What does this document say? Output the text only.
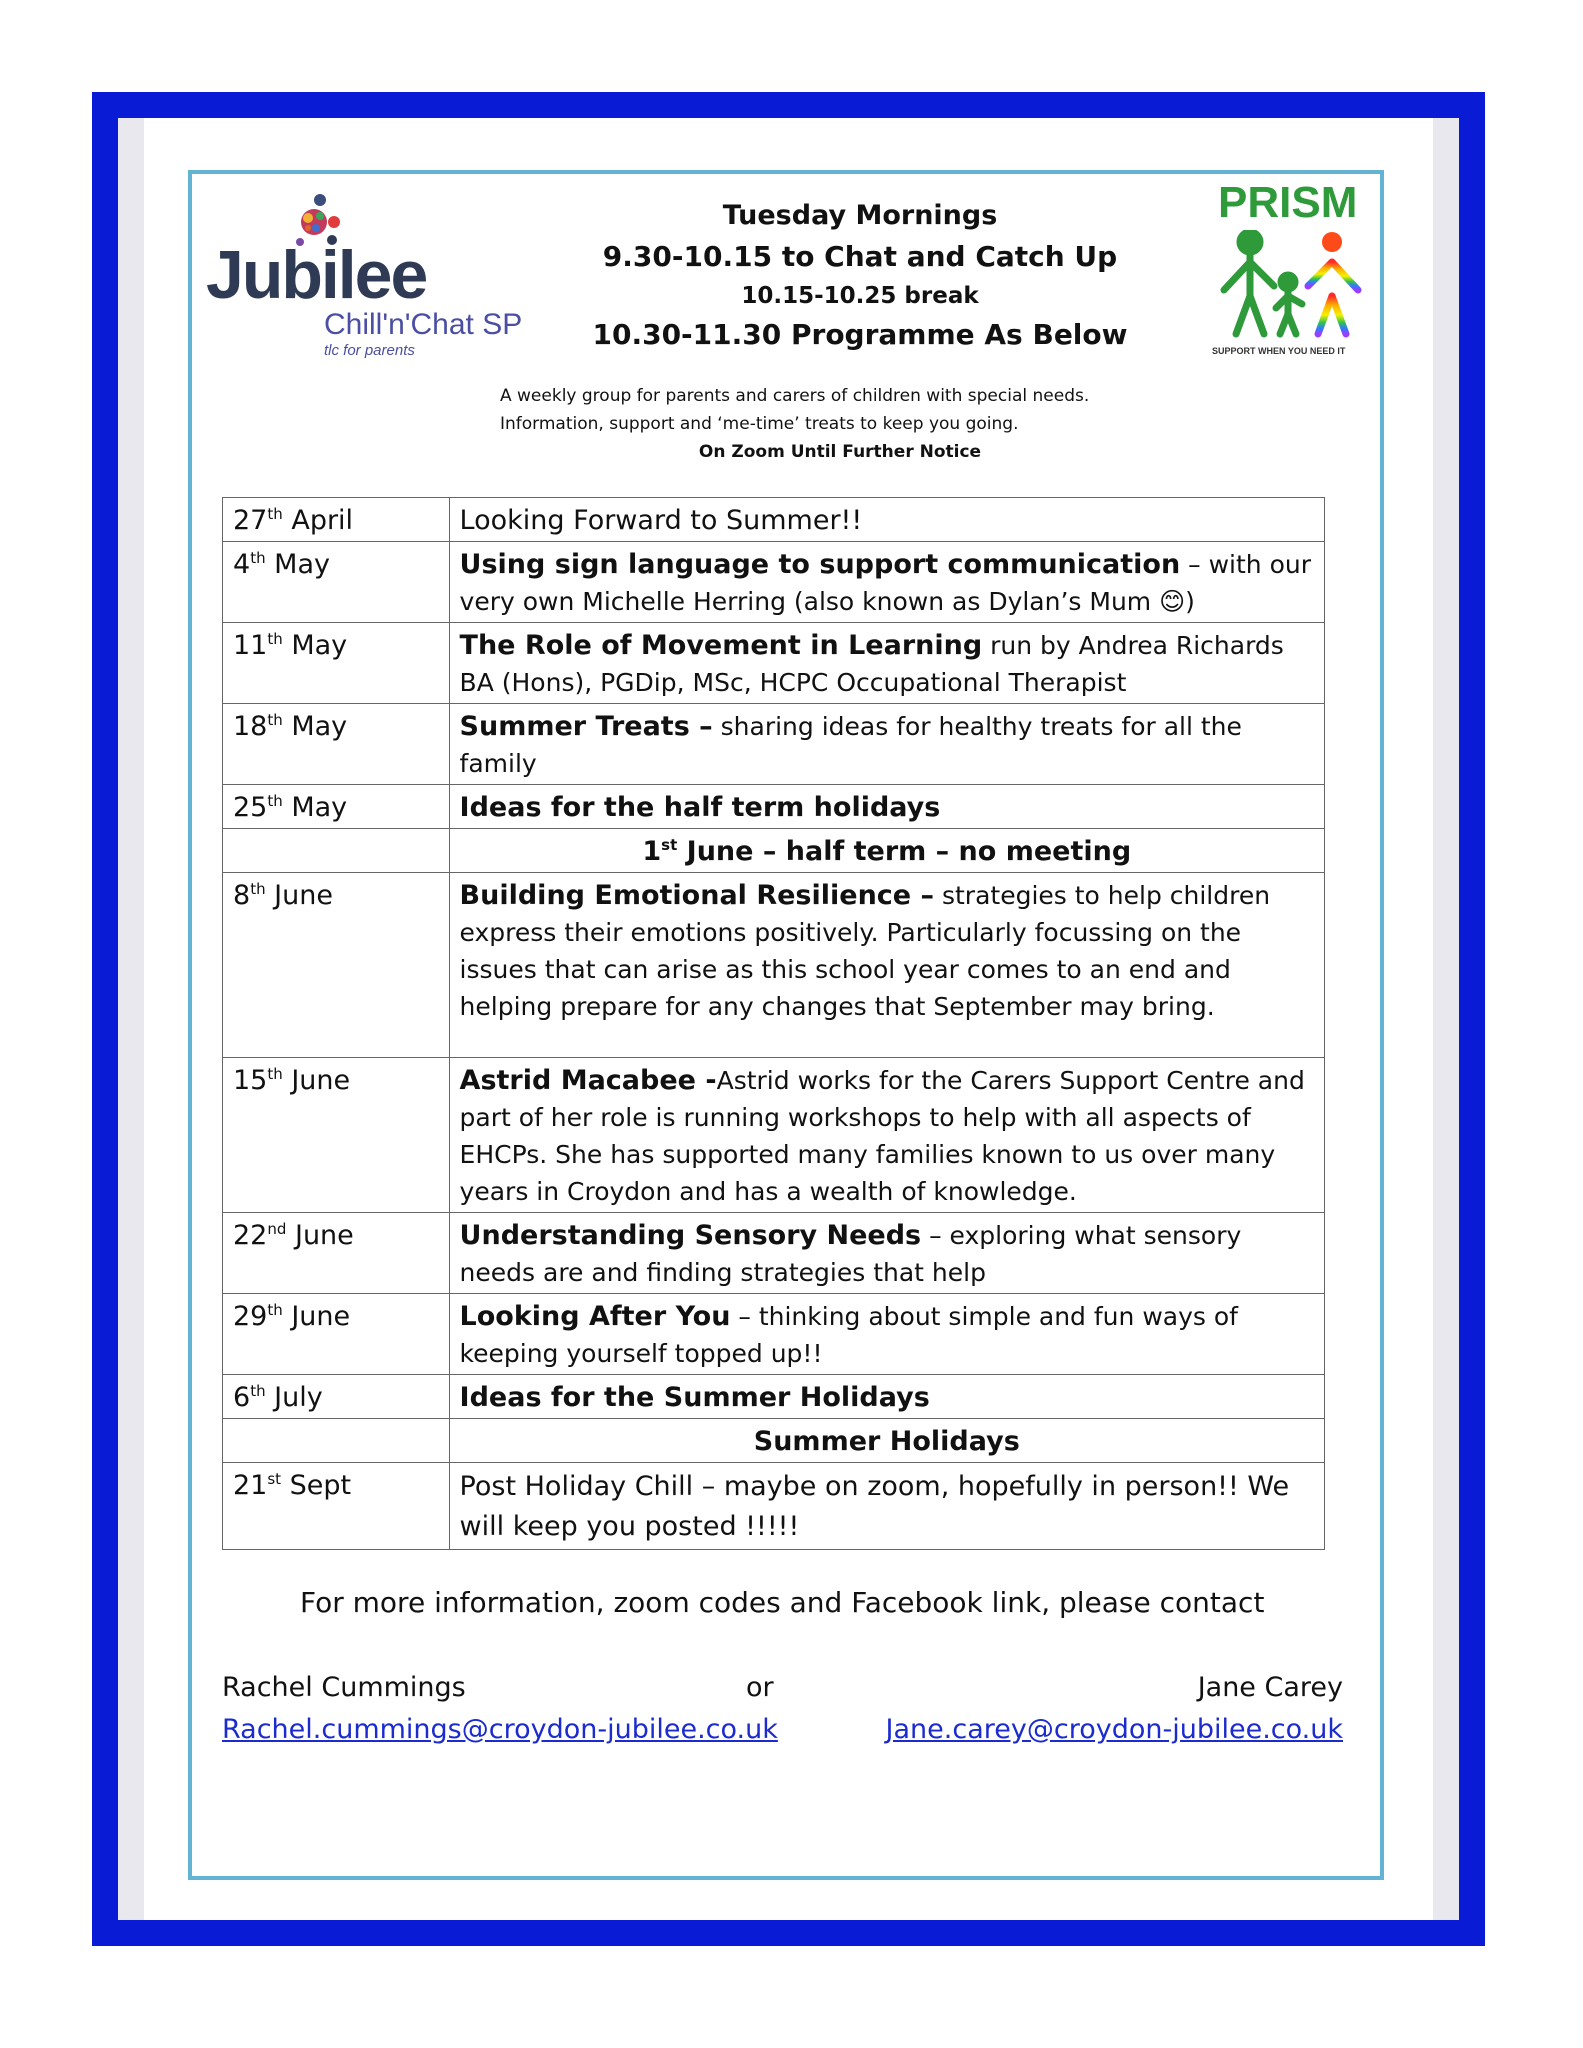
Jubilee
Chill'n'Chat SP
tlc for parents
PRISM
SUPPORT WHEN YOU NEED IT
Tuesday Mornings
9.30-10.15 to Chat and Catch Up
10.15-10.25 break
10.30-11.30 Programme As Below
A weekly group for parents and carers of children with special needs.
Information, support and ‘me-time’ treats to keep you going.
On Zoom Until Further Notice
27th April	Looking Forward to Summer!!
4th May	Using sign language to support communication – with our very own Michelle Herring (also known as Dylan’s Mum 😊)
11th May	The Role of Movement in Learning run by Andrea Richards BA (Hons), PGDip, MSc, HCPC Occupational Therapist
18th May	Summer Treats – sharing ideas for healthy treats for all the family
25th May	Ideas for the half term holidays
	1st June – half term – no meeting
8th June	Building Emotional Resilience – strategies to help children express their emotions positively. Particularly focussing on the issues that can arise as this school year comes to an end and helping prepare for any changes that September may bring.
15th June	Astrid Macabee -Astrid works for the Carers Support Centre and part of her role is running workshops to help with all aspects of EHCPs. She has supported many families known to us over many years in Croydon and has a wealth of knowledge.
22nd June	Understanding Sensory Needs – exploring what sensory needs are and finding strategies that help
29th June	Looking After You – thinking about simple and fun ways of keeping yourself topped up!!
6th July	Ideas for the Summer Holidays
	Summer Holidays
21st Sept	Post Holiday Chill – maybe on zoom, hopefully in person!! We will keep you posted !!!!!
For more information, zoom codes and Facebook link, please contact
Rachel Cummings	or	Jane Carey
Rachel.cummings@croydon-jubilee.co.uk	Jane.carey@croydon-jubilee.co.uk
